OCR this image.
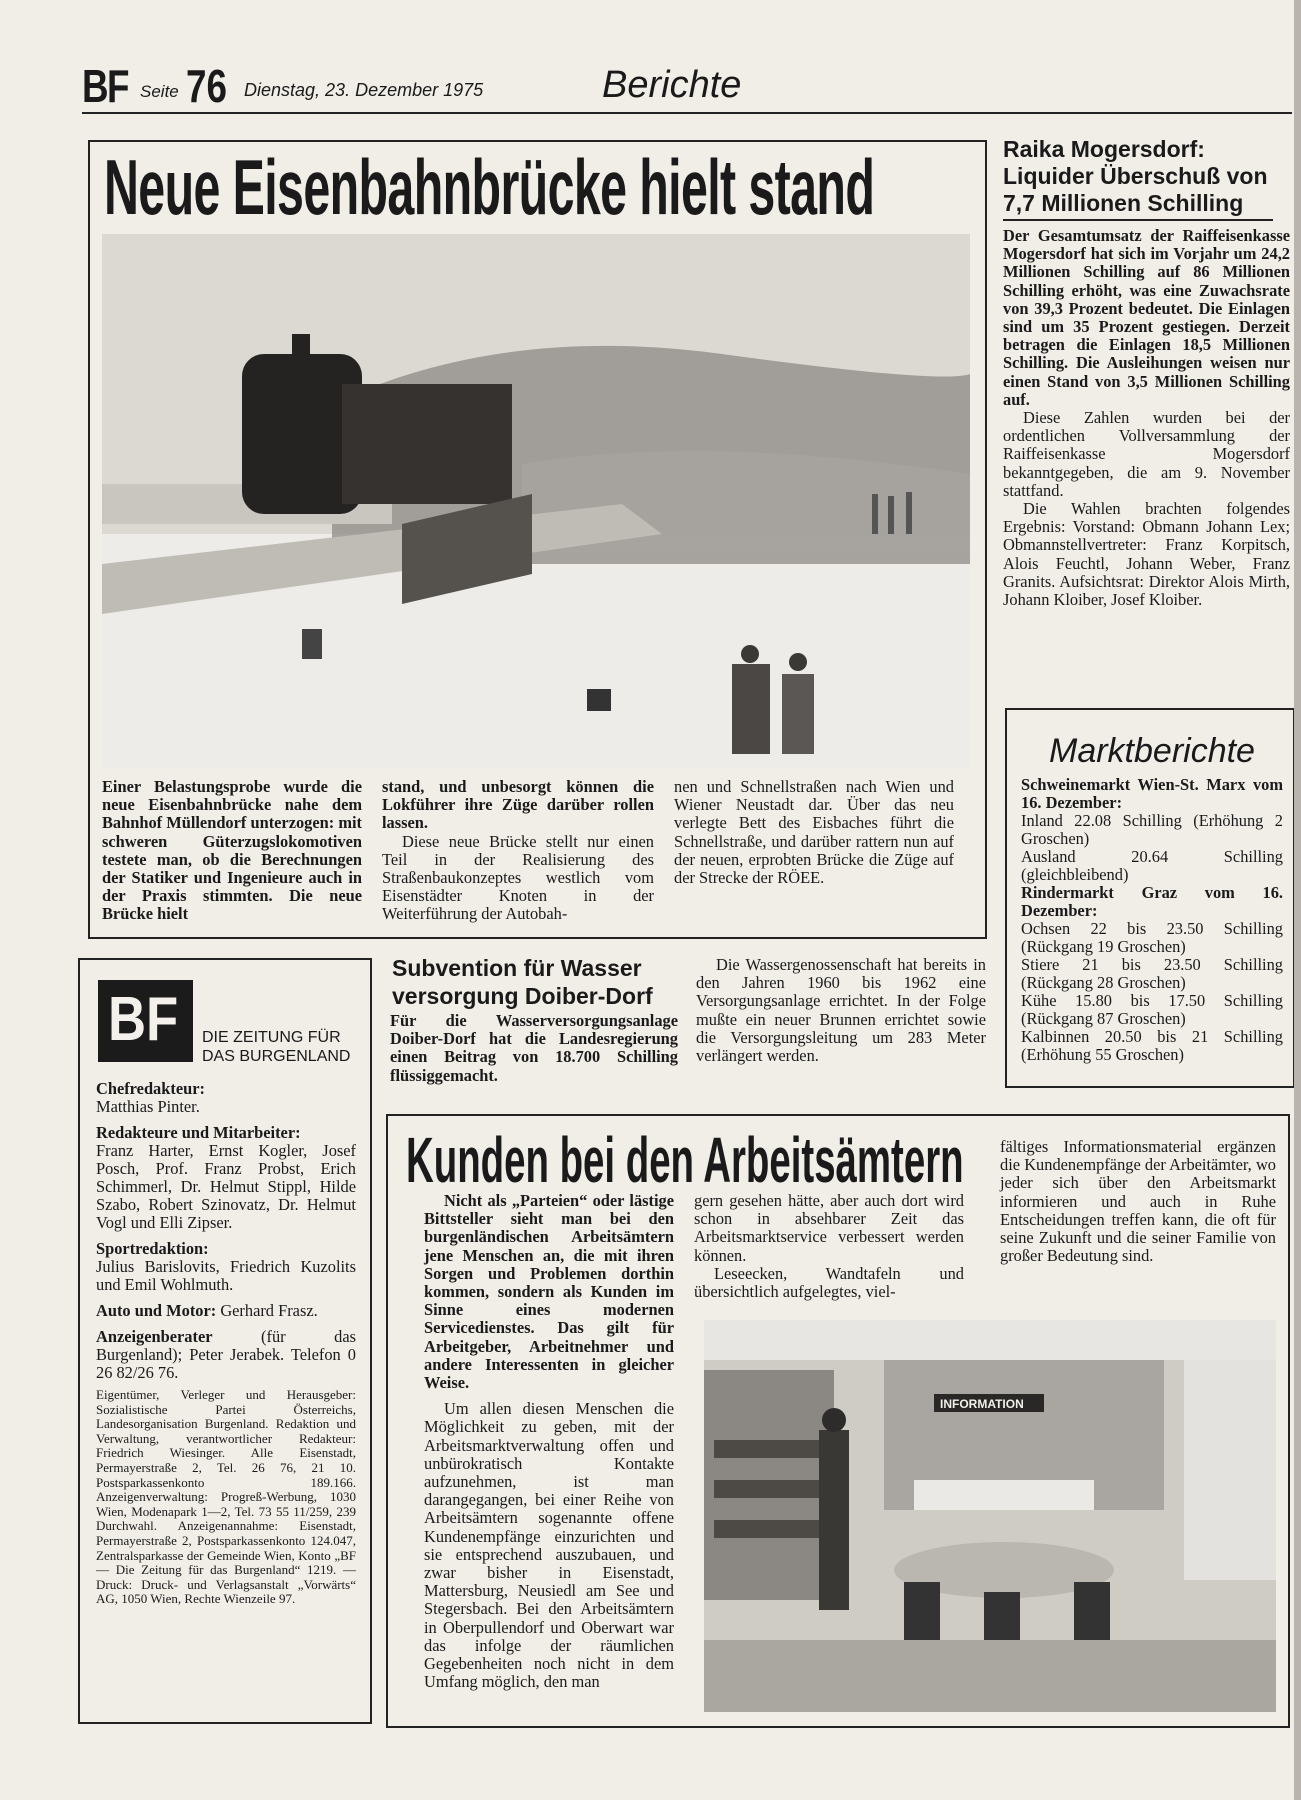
BF Seite 76 Dienstag, 23. Dezember 1975	Berichte
Neue Eisenbahnbrücke hielt stand
Einer Belastungsprobe wurde die neue Eisenbahnbrücke nahe dem Bahnhof Müllendorf unterzogen: mit schweren Güterzugslokomotiven testete man, ob die Berechnungen der Statiker und Ingenieure auch in der Praxis stimmten. Die neue Brücke hielt

stand, und unbesorgt können die Lokführer ihre Züge darüber rollen lassen.

Diese neue Brücke stellt nur einen Teil in der Realisierung des Straßenbaukonzeptes westlich vom Eisenstädter Knoten in der Weiterführung der Autobah-

nen und Schnellstraßen nach Wien und Wiener Neustadt dar. Über das neu verlegte Bett des Eisbaches führt die Schnellstraße, und darüber rattern nun auf der neuen, erprobten Brücke die Züge auf der Strecke der RÖEE.
Raika Mogersdorf:
Liquider Überschuß von
7,7 Millionen Schilling

Der Gesamtumsatz der Raiffeisenkasse Mogersdorf hat sich im Vorjahr um 24,2 Millionen Schilling auf 86 Millionen Schilling erhöht, was eine Zuwachsrate von 39,3 Prozent bedeutet. Die Einlagen sind um 35 Prozent gestiegen. Derzeit betragen die Einlagen 18,5 Millionen Schilling. Die Ausleihungen weisen nur einen Stand von 3,5 Millionen Schilling auf.

Diese Zahlen wurden bei der ordentlichen Vollversammlung der Raiffeisenkasse Mogersdorf bekanntgegeben, die am 9. November stattfand.

Die Wahlen brachten folgendes Ergebnis: Vorstand: Obmann Johann Lex; Obmannstellvertreter: Franz Korpitsch, Alois Feuchtl, Johann Weber, Franz Granits. Aufsichtsrat: Direktor Alois Mirth, Johann Kloiber, Josef Kloiber.

Marktberichte

Schweinemarkt Wien-St. Marx vom 16. Dezember:

Inland 22.08 Schilling (Erhöhung 2 Groschen)

Ausland 20.64 Schilling (gleichbleibend)

Rindermarkt Graz vom 16. Dezember:

Ochsen 22 bis 23.50 Schilling (Rückgang 19 Groschen)

Stiere 21 bis 23.50 Schilling (Rückgang 28 Groschen)

Kühe 15.80 bis 17.50 Schilling (Rückgang 87 Groschen)

Kalbinnen 20.50 bis 21 Schilling (Erhöhung 55 Groschen)

BF DIE ZEITUNG FÜR
DAS BURGENLAND

Chefredakteur:

Matthias Pinter.

Redakteure und Mitarbeiter:

Franz Harter, Ernst Kogler, Josef Posch, Prof. Franz Probst, Erich Schimmerl, Dr. Helmut Stippl, Hilde Szabo, Robert Szinovatz, Dr. Helmut Vogl und Elli Zipser.

Sportredaktion:

Julius Barislovits, Friedrich Kuzolits und Emil Wohlmuth.

Auto und Motor: Gerhard Frasz.

Anzeigenberater	(für das Burgenland); Peter Jerabek. Telefon 0 26 82/26 76.

Eigentümer, Verleger und Herausgeber: Sozialistische Partei Österreichs, Landesorganisation Burgenland. Redaktion und Verwaltung, verantwortlicher Redakteur: Friedrich Wiesinger. Alle Eisenstadt, Permayerstraße 2, Tel. 26 76, 21 10. Postsparkassenkonto 189.166. Anzeigenverwaltung: Progreß-Werbung, 1030 Wien, Modenapark 1—2, Tel. 73 55 11/259, 239 Durchwahl. Anzeigenannahme: Eisenstadt, Permayerstraße 2, Postsparkassenkonto 124.047, Zentralsparkasse der Gemeinde Wien, Konto „BF — Die Zeitung für das Burgenland“ 1219. — Druck: Druck- und Verlagsanstalt „Vorwärts“ AG, 1050 Wien, Rechte Wienzeile 97.

Subvention für Wasser
versorgung Doiber-Dorf
Für die Wasserversorgungsanlage Doiber-Dorf hat die Landesregierung einen Beitrag von 18.700 Schilling flüssiggemacht.
Die Wassergenossenschaft hat bereits in den Jahren 1960 bis 1962 eine Versorgungsanlage errichtet. In der Folge mußte ein neuer Brunnen errichtet sowie die Versorgungsleitung um 283 Meter verlängert werden.
Kunden bei den Arbeitsämtern

Nicht als „Parteien“ oder lästige Bittsteller sieht man bei den burgenländischen Arbeitsämtern jene Menschen an, die mit ihren Sorgen und Problemen dorthin kommen, sondern als Kunden im Sinne eines modernen Servicedienstes. Das gilt für Arbeitgeber, Arbeitnehmer und andere Interessenten in gleicher Weise.

Um allen diesen Menschen die Möglichkeit zu geben, mit der Arbeitsmarktverwaltung offen und unbürokratisch Kontakte aufzunehmen, ist man darangegangen, bei einer Reihe von Arbeitsämtern sogenannte offene Kundenempfänge einzurichten und sie entsprechend auszubauen, und zwar bisher in Eisenstadt, Mattersburg, Neusiedl am See und Stegersbach. Bei den Arbeitsämtern in Oberpullendorf und Oberwart war das infolge der räumlichen Gegebenheiten noch nicht in dem Umfang möglich, den man

gern gesehen hätte, aber auch dort wird schon in absehbarer Zeit das Arbeitsmarktservice verbessert werden können.

Leseecken, Wandtafeln und übersichtlich aufgelegtes, viel-

fältiges Informationsmaterial ergänzen die Kundenempfänge der Arbeitämter, wo jeder sich über den Arbeitsmarkt informieren und auch in Ruhe Entscheidungen treffen kann, die oft für seine Zukunft und die seiner Familie von großer Bedeutung sind.
INFORMATION
